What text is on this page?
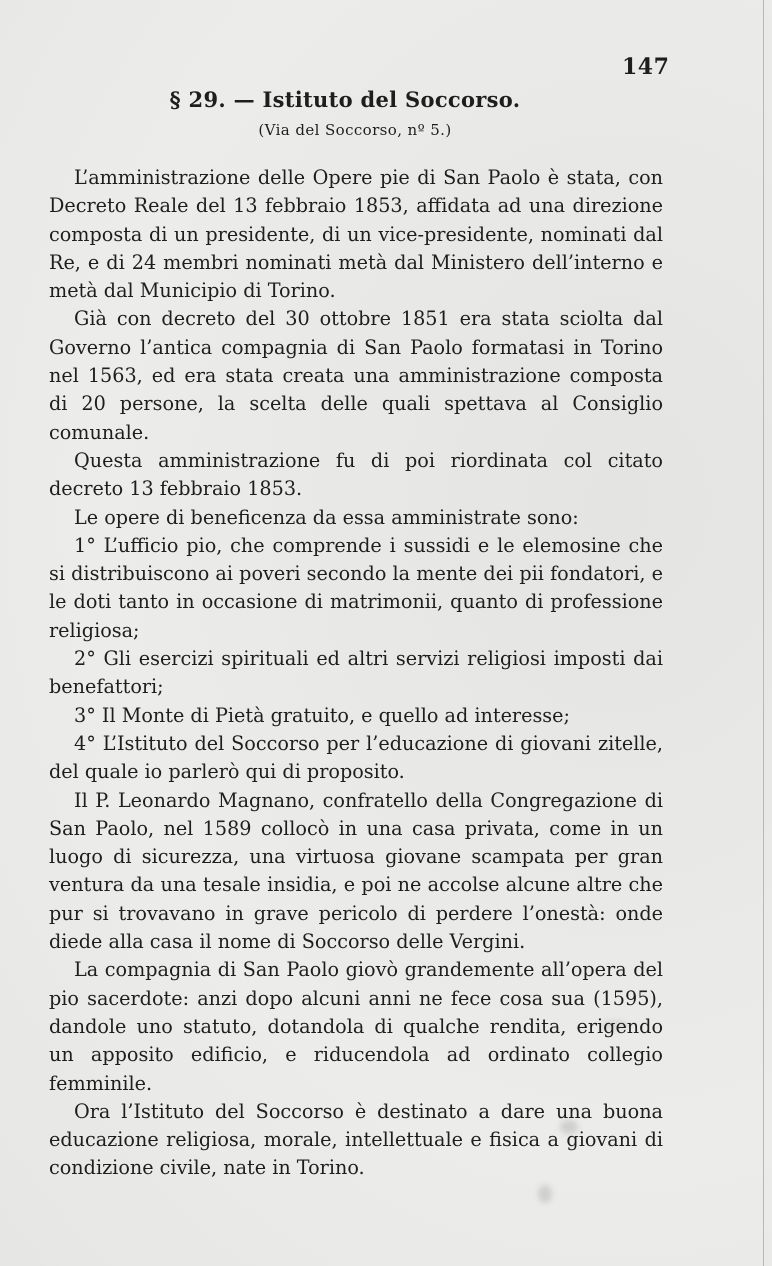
147
§ 29. — Istituto del Soccorso.
(Via del Soccorso, nº 5.)

L’amministrazione delle Opere pie di San Paolo è stata, con Decreto Reale del 13 febbraio 1853, affidata ad una direzione composta di un presidente, di un vice-presidente, nominati dal Re, e di 24 membri nominati metà dal Ministero dell’interno e metà dal Municipio di Torino.

Già con decreto del 30 ottobre 1851 era stata sciolta dal Governo l’antica compagnia di San Paolo formatasi in Torino nel 1563, ed era stata creata una amministrazione composta di 20 persone, la scelta delle quali spettava al Consiglio comunale.

Questa amministrazione fu di poi riordinata col citato decreto 13 febbraio 1853.

Le opere di beneficenza da essa amministrate sono:

1° L’ufficio pio, che comprende i sussidi e le elemosine che si distribuiscono ai poveri secondo la mente dei pii fondatori, e le doti tanto in occasione di matrimonii, quanto di professione religiosa;

2° Gli esercizi spirituali ed altri servizi religiosi imposti dai benefattori;

3° Il Monte di Pietà gratuito, e quello ad interesse;

4° L’Istituto del Soccorso per l’educazione di giovani zitelle, del quale io parlerò qui di proposito.

Il P. Leonardo Magnano, confratello della Congregazione di San Paolo, nel 1589 collocò in una casa privata, come in un luogo di sicurezza, una virtuosa giovane scampata per gran ventura da una tesale insidia, e poi ne accolse alcune altre che pur si trovavano in grave pericolo di perdere l’onestà: onde diede alla casa il nome di Soccorso delle Vergini.

La compagnia di San Paolo giovò grandemente all’opera del pio sacerdote: anzi dopo alcuni anni ne fece cosa sua (1595), dandole uno statuto, dotandola di qualche rendita, erigendo un apposito edificio, e riducendola ad ordinato collegio femminile.

Ora l’Istituto del Soccorso è destinato a dare una buona educazione religiosa, morale, intellettuale e fisica a giovani di condizione civile, nate in Torino.
